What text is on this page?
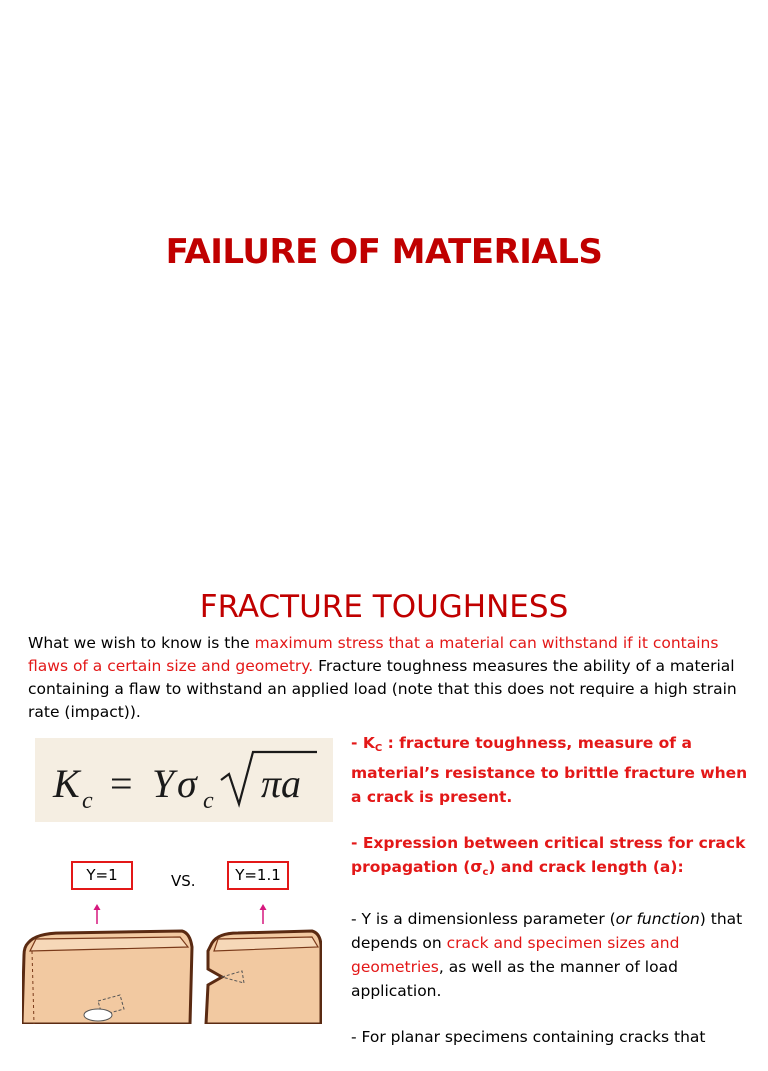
FAILURE OF MATERIALS
FRACTURE TOUGHNESS
What we wish to know is the maximum stress that a material can withstand if it contains flaws of a certain size and geometry. Fracture toughness measures the ability of a material containing a flaw to withstand an applied load (note that this does not require a high strain rate (impact)).
K c = Y σ c πa
- $K_C$ : fracture toughness, measure of a material’s resistance to brittle fracture when a crack is present.
- Expression between critical stress for crack propagation $(\sigma_c)$ and crack length (a):

- Y is a dimensionless parameter (or function) that depends on crack and specimen sizes and geometries, as well as the manner of load application.

- For planar specimens containing cracks that

Y=1	VS.	Y=1.1
